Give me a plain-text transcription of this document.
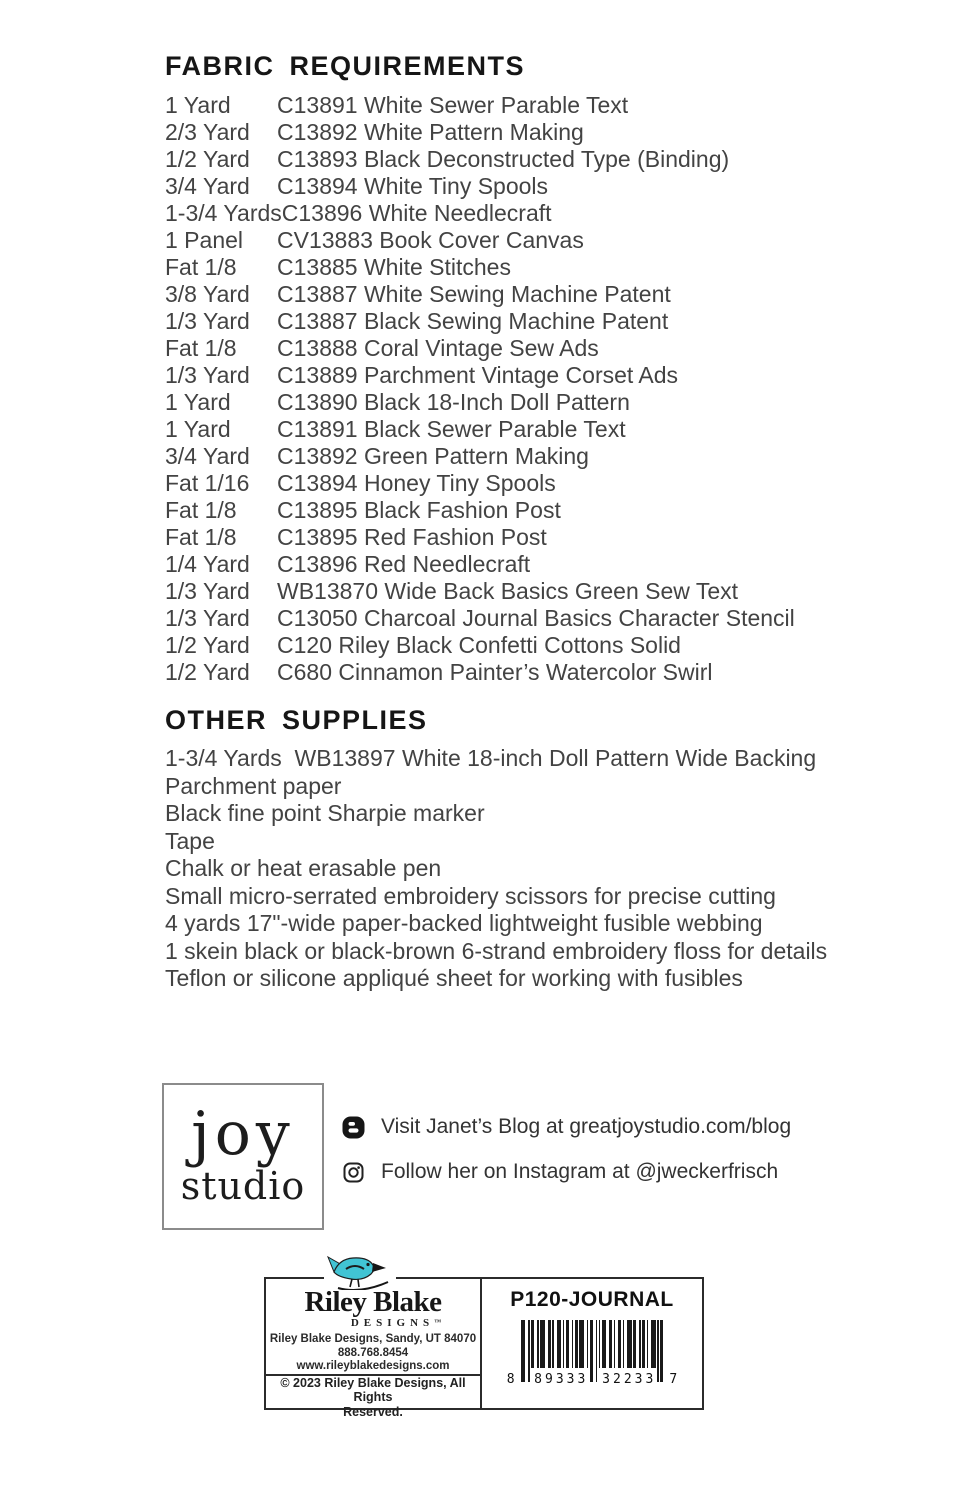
FABRIC REQUIREMENTS
1 Yard	C13891 White Sewer Parable Text
2/3 Yard	C13892 White Pattern Making
1/2 Yard	C13893 Black Deconstructed Type (Binding)
3/4 Yard	C13894 White Tiny Spools
1-3/4 Yards C13896 White Needlecraft
1 Panel	CV13883 Book Cover Canvas
Fat 1/8	C13885 White Stitches
3/8 Yard	C13887 White Sewing Machine Patent
1/3 Yard	C13887 Black Sewing Machine Patent
Fat 1/8	C13888 Coral Vintage Sew Ads
1/3 Yard	C13889 Parchment Vintage Corset Ads
1 Yard	C13890 Black 18-Inch Doll Pattern
1 Yard	C13891 Black Sewer Parable Text
3/4 Yard	C13892 Green Pattern Making
Fat 1/16	C13894 Honey Tiny Spools
Fat 1/8	C13895 Black Fashion Post
Fat 1/8	C13895 Red Fashion Post
1/4 Yard	C13896 Red Needlecraft
1/3 Yard	WB13870 Wide Back Basics Green Sew Text
1/3 Yard	C13050 Charcoal Journal Basics Character Stencil
1/2 Yard	C120 Riley Black Confetti Cottons Solid
1/2 Yard	C680 Cinnamon Painter’s Watercolor Swirl
OTHER SUPPLIES
1-3/4 Yards  WB13897 White 18-inch Doll Pattern Wide Backing
Parchment paper
Black fine point Sharpie marker
Tape
Chalk or heat erasable pen
Small micro-serrated embroidery scissors for precise cutting
4 yards 17"-wide paper-backed lightweight fusible webbing
1 skein black or black-brown 6-strand embroidery floss for details
Teflon or silicone appliqué sheet for working with fusibles
joy
studio
Visit Janet’s Blog at greatjoystudio.com/blog
Follow her on Instagram at @jweckerfrisch
Riley Blake
DESIGNS™
Riley Blake Designs, Sandy, UT 84070
888.768.8454
www.rileyblakedesigns.com
© 2023 Riley Blake Designs, All Rights
Reserved.
P120-JOURNAL
8 89333 32233 7
